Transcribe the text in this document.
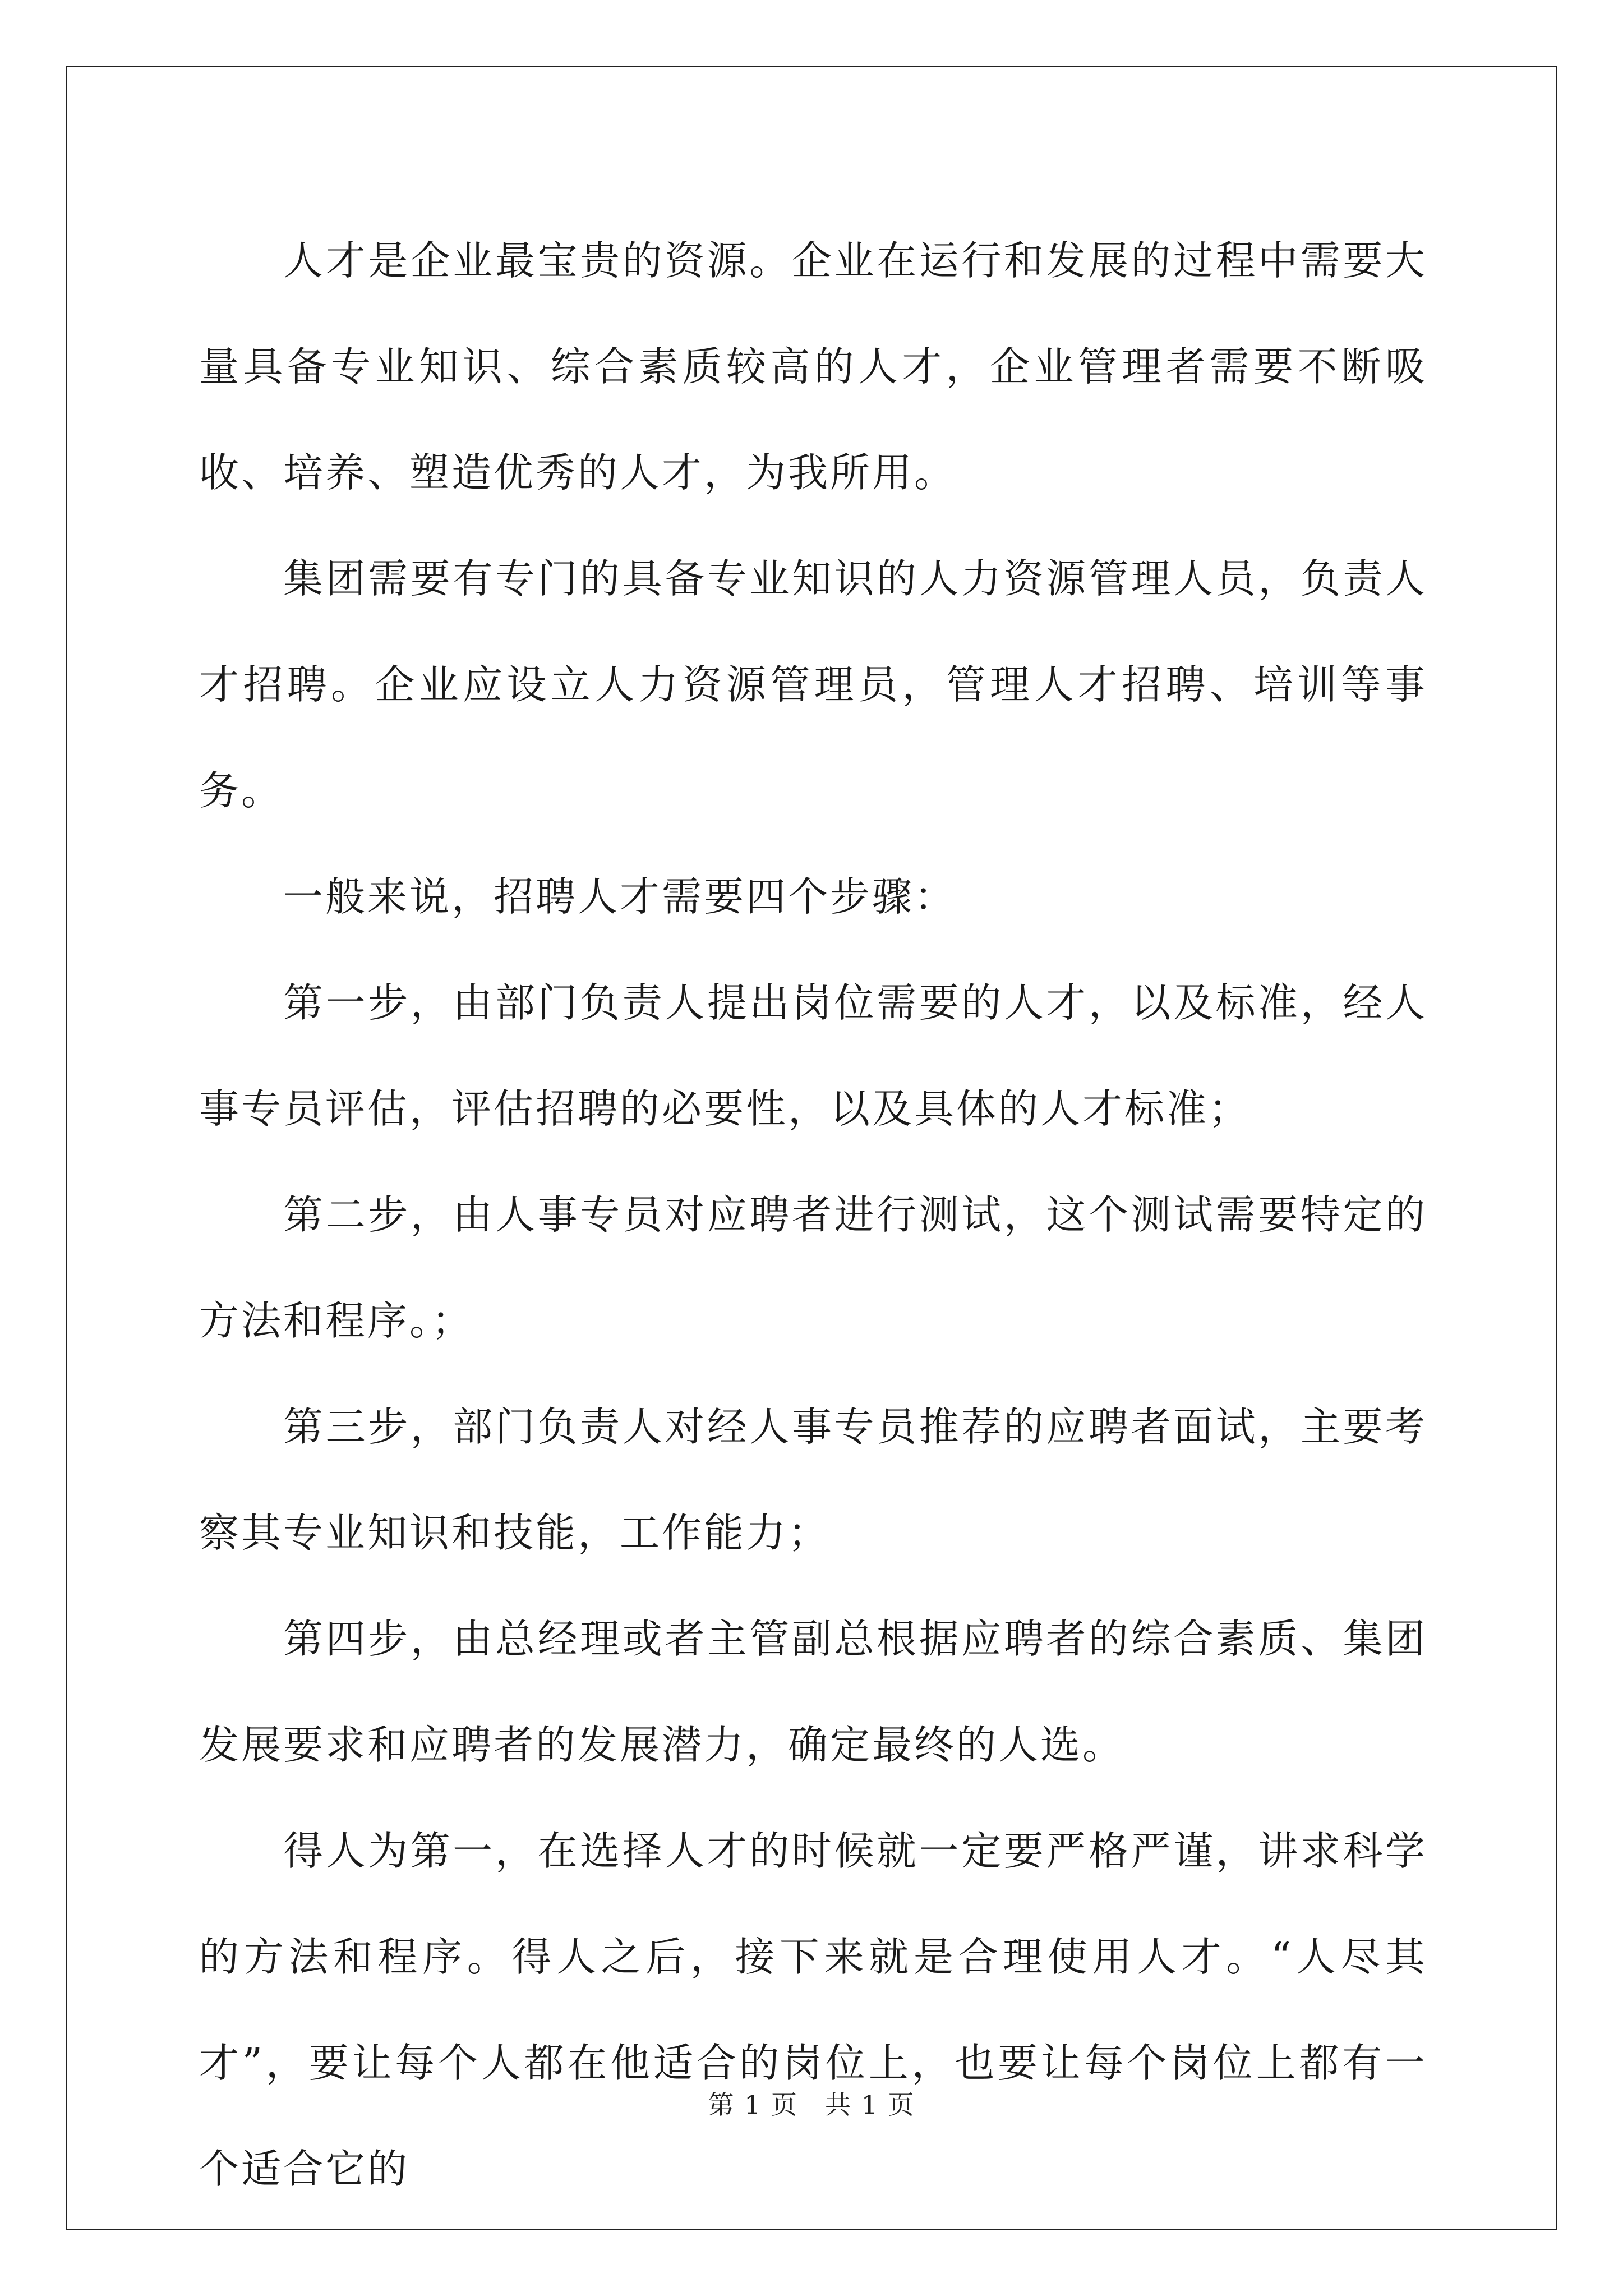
人才是企业最宝贵的资源。企业在运行和发展的过程中需要大量具备专业知识、综合素质较高的人才，企业管理者需要不断吸收、培养、塑造优秀的人才，为我所用。

集团需要有专门的具备专业知识的人力资源管理人员，负责人才招聘。企业应设立人力资源管理员，管理人才招聘、培训等事务。

一般来说，招聘人才需要四个步骤：

第一步，由部门负责人提出岗位需要的人才，以及标准，经人事专员评估，评估招聘的必要性，以及具体的人才标准；

第二步，由人事专员对应聘者进行测试，这个测试需要特定的方法和程序。；

第三步，部门负责人对经人事专员推荐的应聘者面试，主要考察其专业知识和技能，工作能力；

第四步，由总经理或者主管副总根据应聘者的综合素质、集团发展要求和应聘者的发展潜力，确定最终的人选。

得人为第一，在选择人才的时候就一定要严格严谨，讲求科学的方法和程序。得人之后，接下来就是合理使用人才。“人尽其才”，要让每个人都在他适合的岗位上，也要让每个岗位上都有一个适合它的

第 1 页　共 1 页
